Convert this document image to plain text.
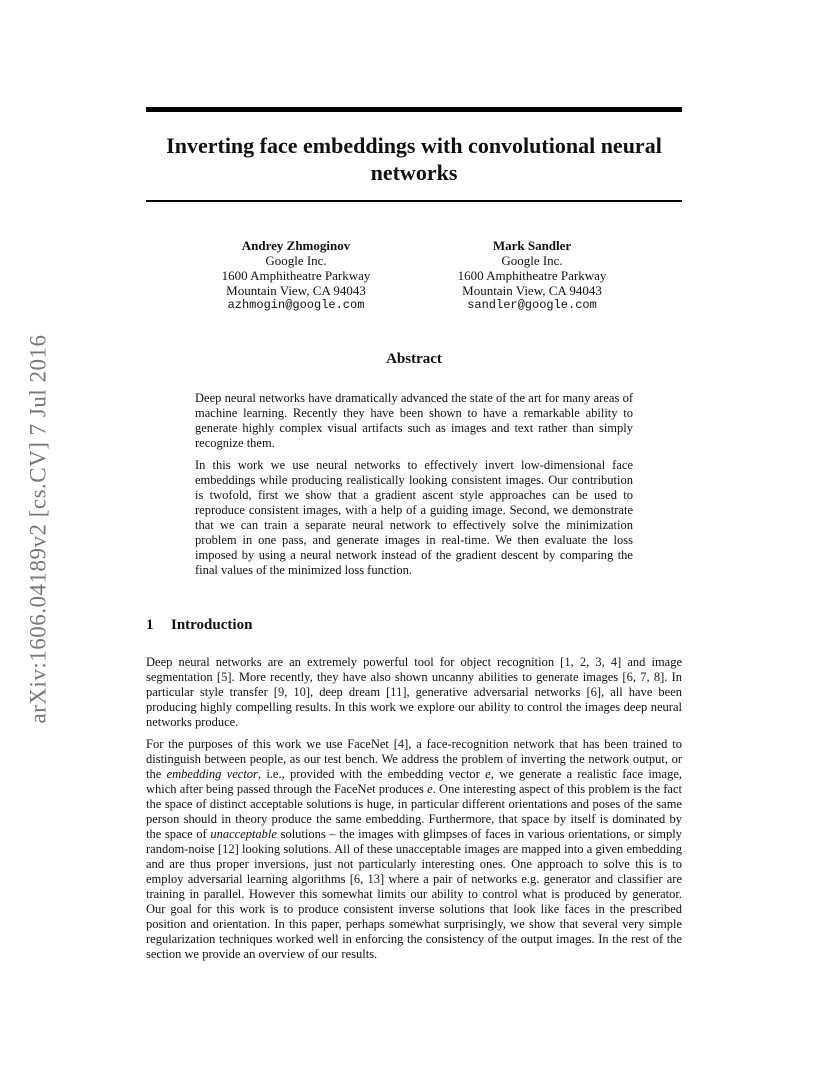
arXiv:1606.04189v2 [cs.CV] 7 Jul 2016
Inverting face embeddings with convolutional neural networks
Andrey Zhmoginov
Google Inc.
1600 Amphitheatre Parkway
Mountain View, CA 94043
azhmogin@google.com
Mark Sandler
Google Inc.
1600 Amphitheatre Parkway
Mountain View, CA 94043
sandler@google.com
Abstract

Deep neural networks have dramatically advanced the state of the art for many areas of machine learning. Recently they have been shown to have a remarkable ability to generate highly complex visual artifacts such as images and text rather than simply recognize them.

In this work we use neural networks to effectively invert low-dimensional face embeddings while producing realistically looking consistent images. Our contribution is twofold, first we show that a gradient ascent style approaches can be used to reproduce consistent images, with a help of a guiding image. Second, we demonstrate that we can train a separate neural network to effectively solve the minimization problem in one pass, and generate images in real-time. We then evaluate the loss imposed by using a neural network instead of the gradient descent by comparing the final values of the minimized loss function.

1 Introduction

Deep neural networks are an extremely powerful tool for object recognition [1, 2, 3, 4] and image segmentation [5]. More recently, they have also shown uncanny abilities to generate images [6, 7, 8]. In particular style transfer [9, 10], deep dream [11], generative adversarial networks [6], all have been producing highly compelling results. In this work we explore our ability to control the images deep neural networks produce.

For the purposes of this work we use FaceNet [4], a face-recognition network that has been trained to distinguish between people, as our test bench. We address the problem of inverting the network output, or the embedding vector, i.e., provided with the embedding vector e, we generate a realistic face image, which after being passed through the FaceNet produces e. One interesting aspect of this problem is the fact the space of distinct acceptable solutions is huge, in particular different orientations and poses of the same person should in theory produce the same embedding. Furthermore, that space by itself is dominated by the space of unacceptable solutions – the images with glimpses of faces in various orientations, or simply random-noise [12] looking solutions. All of these unacceptable images are mapped into a given embedding and are thus proper inversions, just not particularly interesting ones. One approach to solve this is to employ adversarial learning algorithms [6, 13] where a pair of networks e.g. generator and classifier are training in parallel. However this somewhat limits our ability to control what is produced by generator. Our goal for this work is to produce consistent inverse solutions that look like faces in the prescribed position and orientation. In this paper, perhaps somewhat surprisingly, we show that several very simple regularization techniques worked well in enforcing the consistency of the output images. In the rest of the section we provide an overview of our results.
